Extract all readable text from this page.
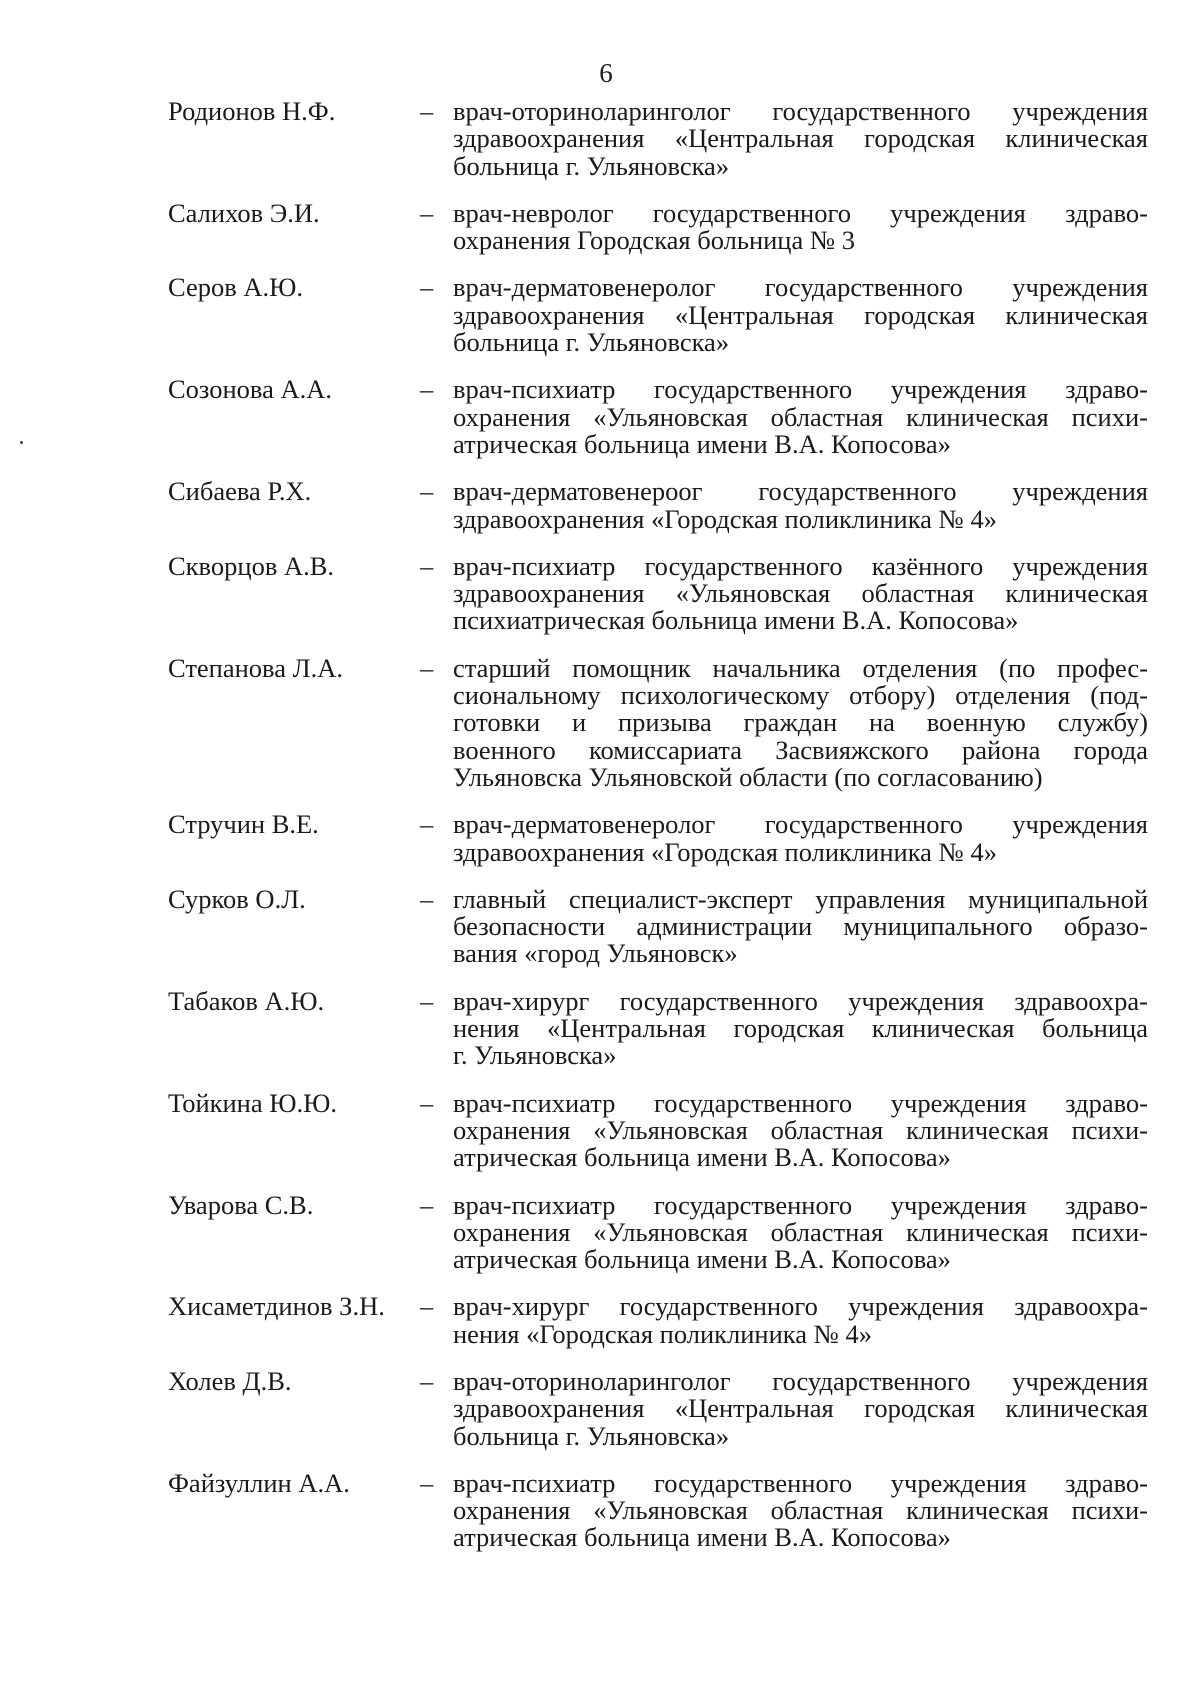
6
Родионов Н.Ф.	– врач-оториноларинголог государственного учреждения
здравоохранения «Центральная городская клиническая
больница г. Ульяновска»
Салихов Э.И.	– врач-невролог государственного учреждения здраво-
охранения Городская больница № 3
Серов А.Ю.	– врач-дерматовенеролог государственного учреждения
здравоохранения «Центральная городская клиническая
больница г. Ульяновска»
Созонова А.А.	– врач-психиатр государственного учреждения здраво-
охранения «Ульяновская областная клиническая психи-
атрическая больница имени В.А. Копосова»
Сибаева Р.Х.	– врач-дерматовенероог государственного учреждения
здравоохранения «Городская поликлиника № 4»
Скворцов А.В.	– врач-психиатр государственного казённого учреждения
здравоохранения «Ульяновская областная клиническая
психиатрическая больница имени В.А. Копосова»
Степанова Л.А.	– старший помощник начальника отделения (по профес-
сиональному психологическому отбору) отделения (под-
готовки и призыва граждан на военную службу)
военного комиссариата Засвияжского района города
Ульяновска Ульяновской области (по согласованию)
Стручин В.Е.	– врач-дерматовенеролог государственного учреждения
здравоохранения «Городская поликлиника № 4»
Сурков О.Л.	– главный специалист-эксперт управления муниципальной
безопасности администрации муниципального образо-
вания «город Ульяновск»
Табаков А.Ю.	– врач-хирург государственного учреждения здравоохра-
нения «Центральная городская клиническая больница
г. Ульяновска»
Тойкина Ю.Ю.	– врач-психиатр государственного учреждения здраво-
охранения «Ульяновская областная клиническая психи-
атрическая больница имени В.А. Копосова»
Уварова С.В.	– врач-психиатр государственного учреждения здраво-
охранения «Ульяновская областная клиническая психи-
атрическая больница имени В.А. Копосова»
Хисаметдинов З.Н.	– врач-хирург государственного учреждения здравоохра-
нения «Городская поликлиника № 4»
Холев Д.В.	– врач-оториноларинголог государственного учреждения
здравоохранения «Центральная городская клиническая
больница г. Ульяновска»
Файзуллин А.А.	– врач-психиатр государственного учреждения здраво-
охранения «Ульяновская областная клиническая психи-
атрическая больница имени В.А. Копосова»
